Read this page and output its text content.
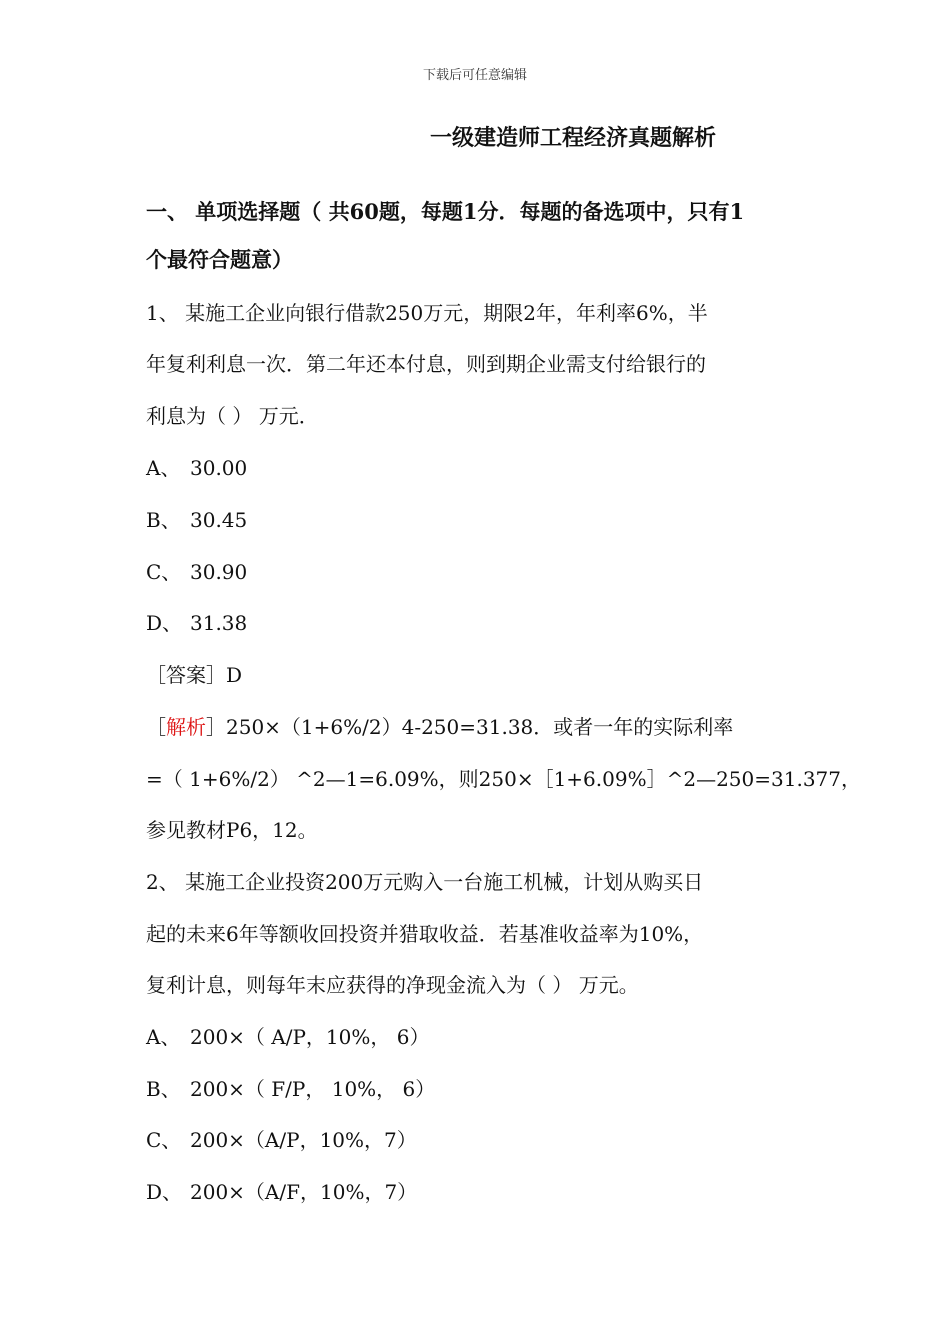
下载后可任意编辑
一级建造师工程经济真题解析
一、 单项选择题（ 共60题，每题1分．每题的备选项中，只有1
个最符合题意）
1、 某施工企业向银行借款250万元，期限2年，年利率6%，半
年复利利息一次．第二年还本付息，则到期企业需支付给银行的
利息为（ ） 万元．
A、 30.00
B、 30.45
C、 30.90
D、 31.38
［答案］D
［解析］250×（1+6%/2）4-250=31.38．或者一年的实际利率
=（ 1+6%/2） ^2—1=6.09%，则250×［1+6.09%］^2—250=31.377，
参见教材P6，12。
2、 某施工企业投资200万元购入一台施工机械，计划从购买日
起的未来6年等额收回投资并猎取收益．若基准收益率为10%，
复利计息，则每年末应获得的净现金流入为（ ） 万元。
A、 200×（ A/P，10%， 6）
B、 200×（ F/P， 10%， 6）
C、 200×（A/P，10%，7）
D、 200×（A/F，10%，7）
